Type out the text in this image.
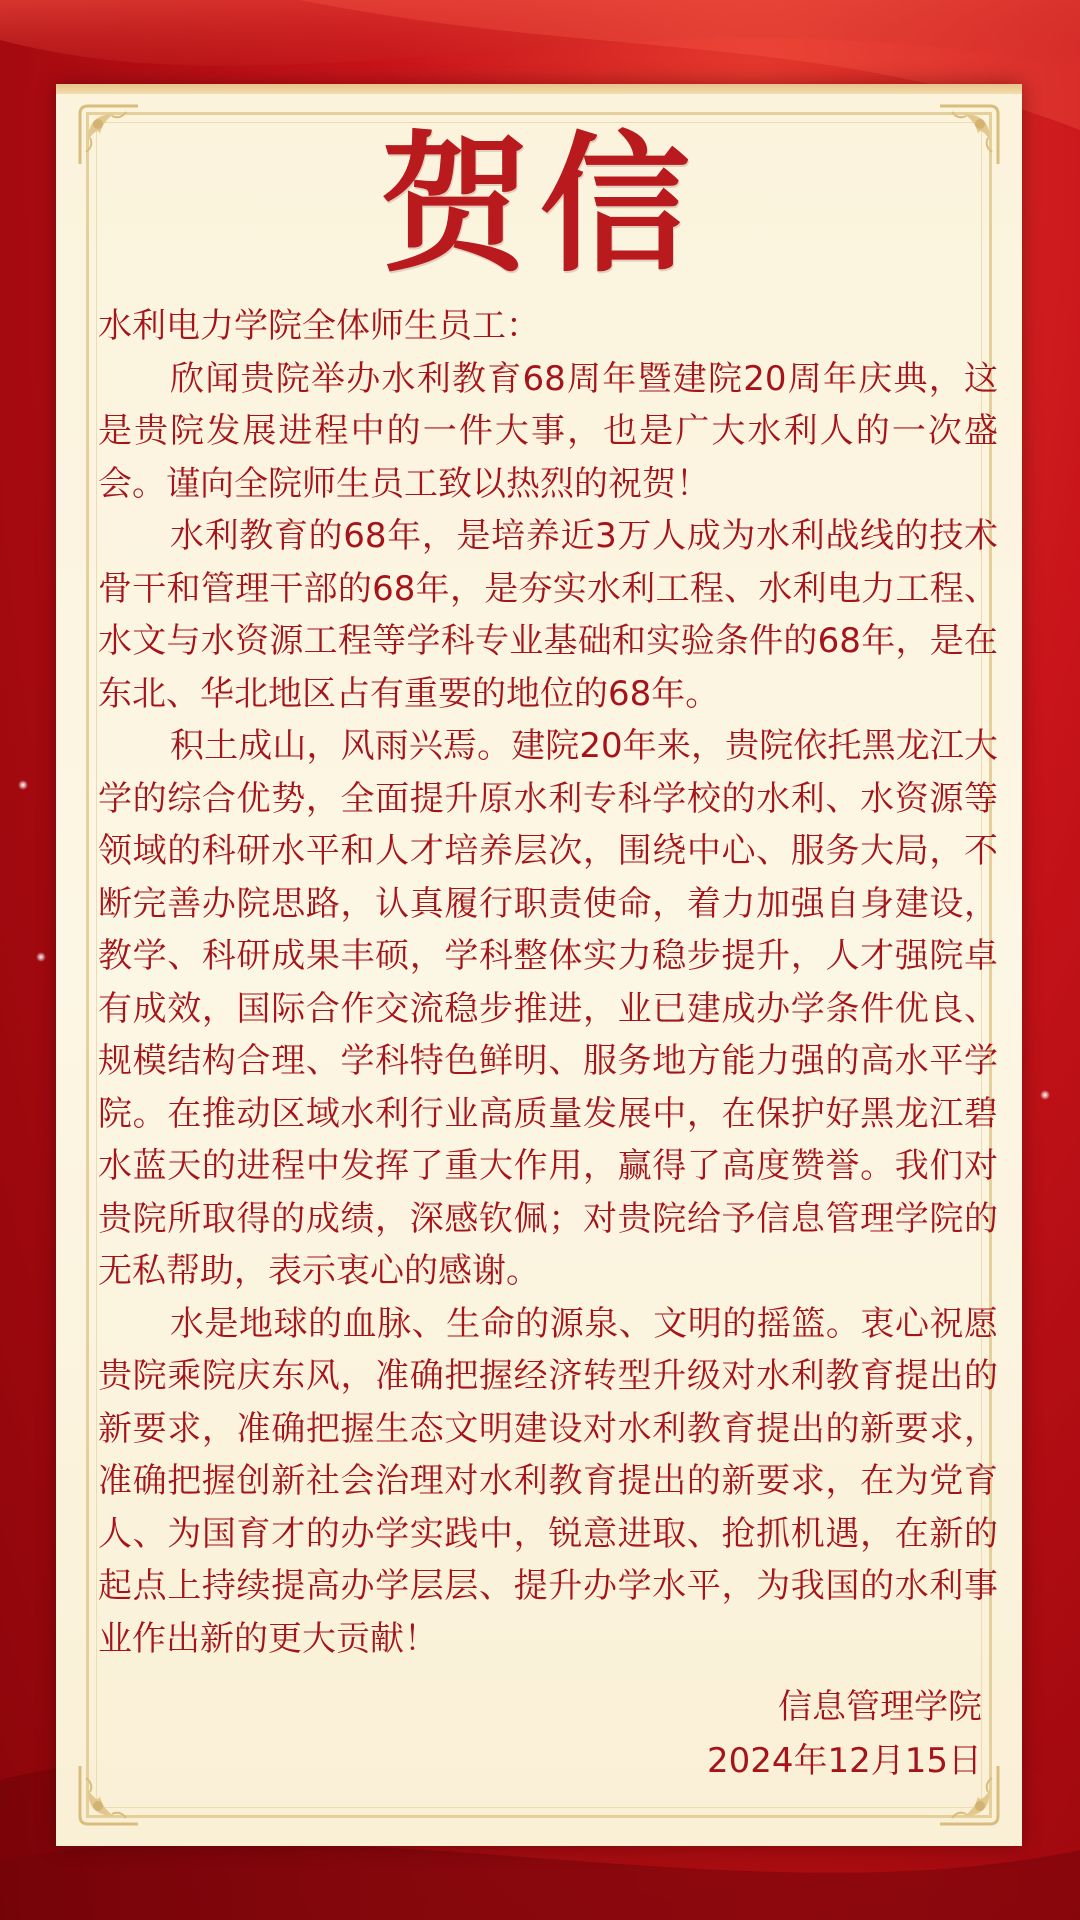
贺信

水利电力学院全体师生员工：

欣闻贵院举办水利教育68周年暨建院20周年庆典，这是贵院发展进程中的一件大事，也是广大水利人的一次盛会。谨向全院师生员工致以热烈的祝贺！

水利教育的68年，是培养近3万人成为水利战线的技术骨干和管理干部的68年，是夯实水利工程、水利电力工程、水文与水资源工程等学科专业基础和实验条件的68年，是在东北、华北地区占有重要的地位的68年。

积土成山，风雨兴焉。建院20年来，贵院依托黑龙江大学的综合优势，全面提升原水利专科学校的水利、水资源等领域的科研水平和人才培养层次，围绕中心、服务大局，不断完善办院思路，认真履行职责使命，着力加强自身建设，教学、科研成果丰硕，学科整体实力稳步提升，人才强院卓有成效，国际合作交流稳步推进，业已建成办学条件优良、规模结构合理、学科特色鲜明、服务地方能力强的高水平学院。在推动区域水利行业高质量发展中，在保护好黑龙江碧水蓝天的进程中发挥了重大作用，赢得了高度赞誉。我们对贵院所取得的成绩，深感钦佩；对贵院给予信息管理学院的无私帮助，表示衷心的感谢。

水是地球的血脉、生命的源泉、文明的摇篮。衷心祝愿贵院乘院庆东风，准确把握经济转型升级对水利教育提出的新要求，准确把握生态文明建设对水利教育提出的新要求，准确把握创新社会治理对水利教育提出的新要求，在为党育人、为国育才的办学实践中，锐意进取、抢抓机遇，在新的起点上持续提高办学层层、提升办学水平，为我国的水利事业作出新的更大贡献！

信息管理学院
2024年12月15日
